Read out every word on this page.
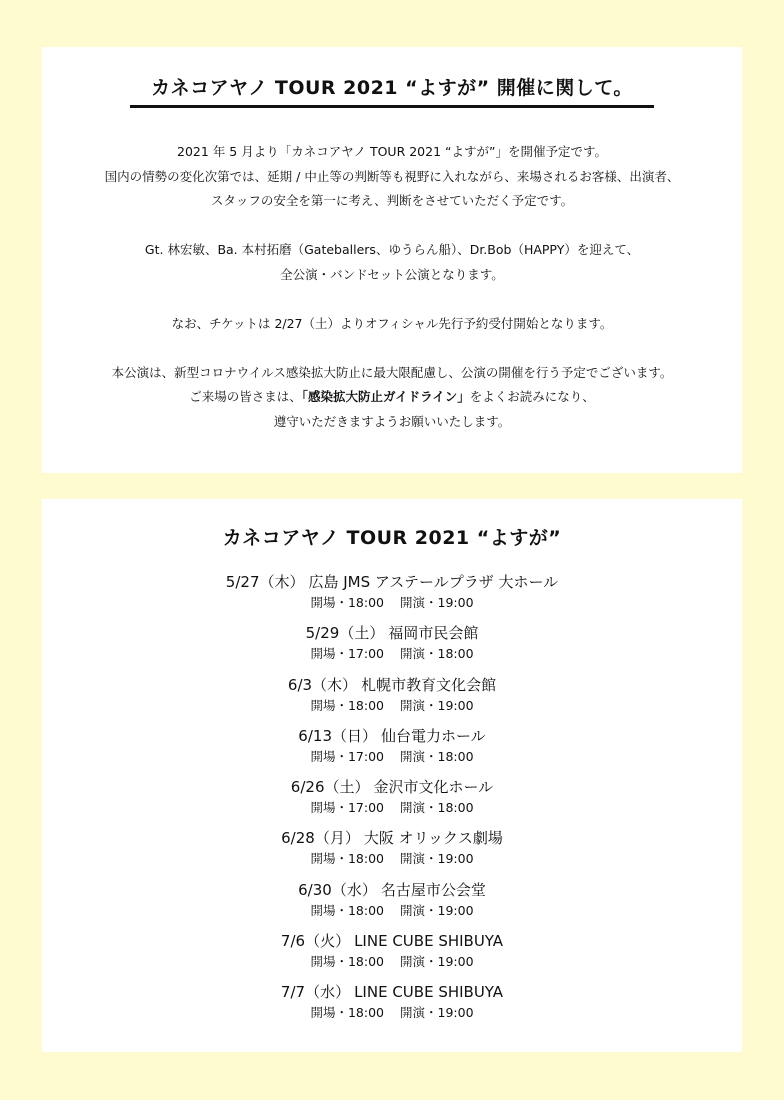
カネコアヤノ TOUR 2021 “よすが” 開催に関して。

2021 年 5 月より「カネコアヤノ TOUR 2021 “よすが”」を開催予定です。
国内の情勢の変化次第では、延期 / 中止等の判断等も視野に入れながら、来場されるお客様、出演者、
スタッフの安全を第一に考え、判断をさせていただく予定です。

Gt. 林宏敏、Ba. 本村拓磨（Gateballers、ゆうらん船）、Dr.Bob（HAPPY）を迎えて、
全公演・バンドセット公演となります。

なお、チケットは 2/27（土）よりオフィシャル先行予約受付開始となります。

本公演は、新型コロナウイルス感染拡大防止に最大限配慮し、公演の開催を行う予定でございます。
ご来場の皆さまは、「感染拡大防止ガイドライン」をよくお読みになり、
遵守いただきますようお願いいたします。

カネコアヤノ TOUR 2021 “よすが”
5/27（木） 広島 JMS アステールプラザ 大ホール
開場・18:00 開演・19:00
5/29（土） 福岡市民会館
開場・17:00 開演・18:00
6/3（木） 札幌市教育文化会館
開場・18:00 開演・19:00
6/13（日） 仙台電力ホール
開場・17:00 開演・18:00
6/26（土） 金沢市文化ホール
開場・17:00 開演・18:00
6/28（月） 大阪 オリックス劇場
開場・18:00 開演・19:00
6/30（水） 名古屋市公会堂
開場・18:00 開演・19:00
7/6（火） LINE CUBE SHIBUYA
開場・18:00 開演・19:00
7/7（水） LINE CUBE SHIBUYA
開場・18:00 開演・19:00
